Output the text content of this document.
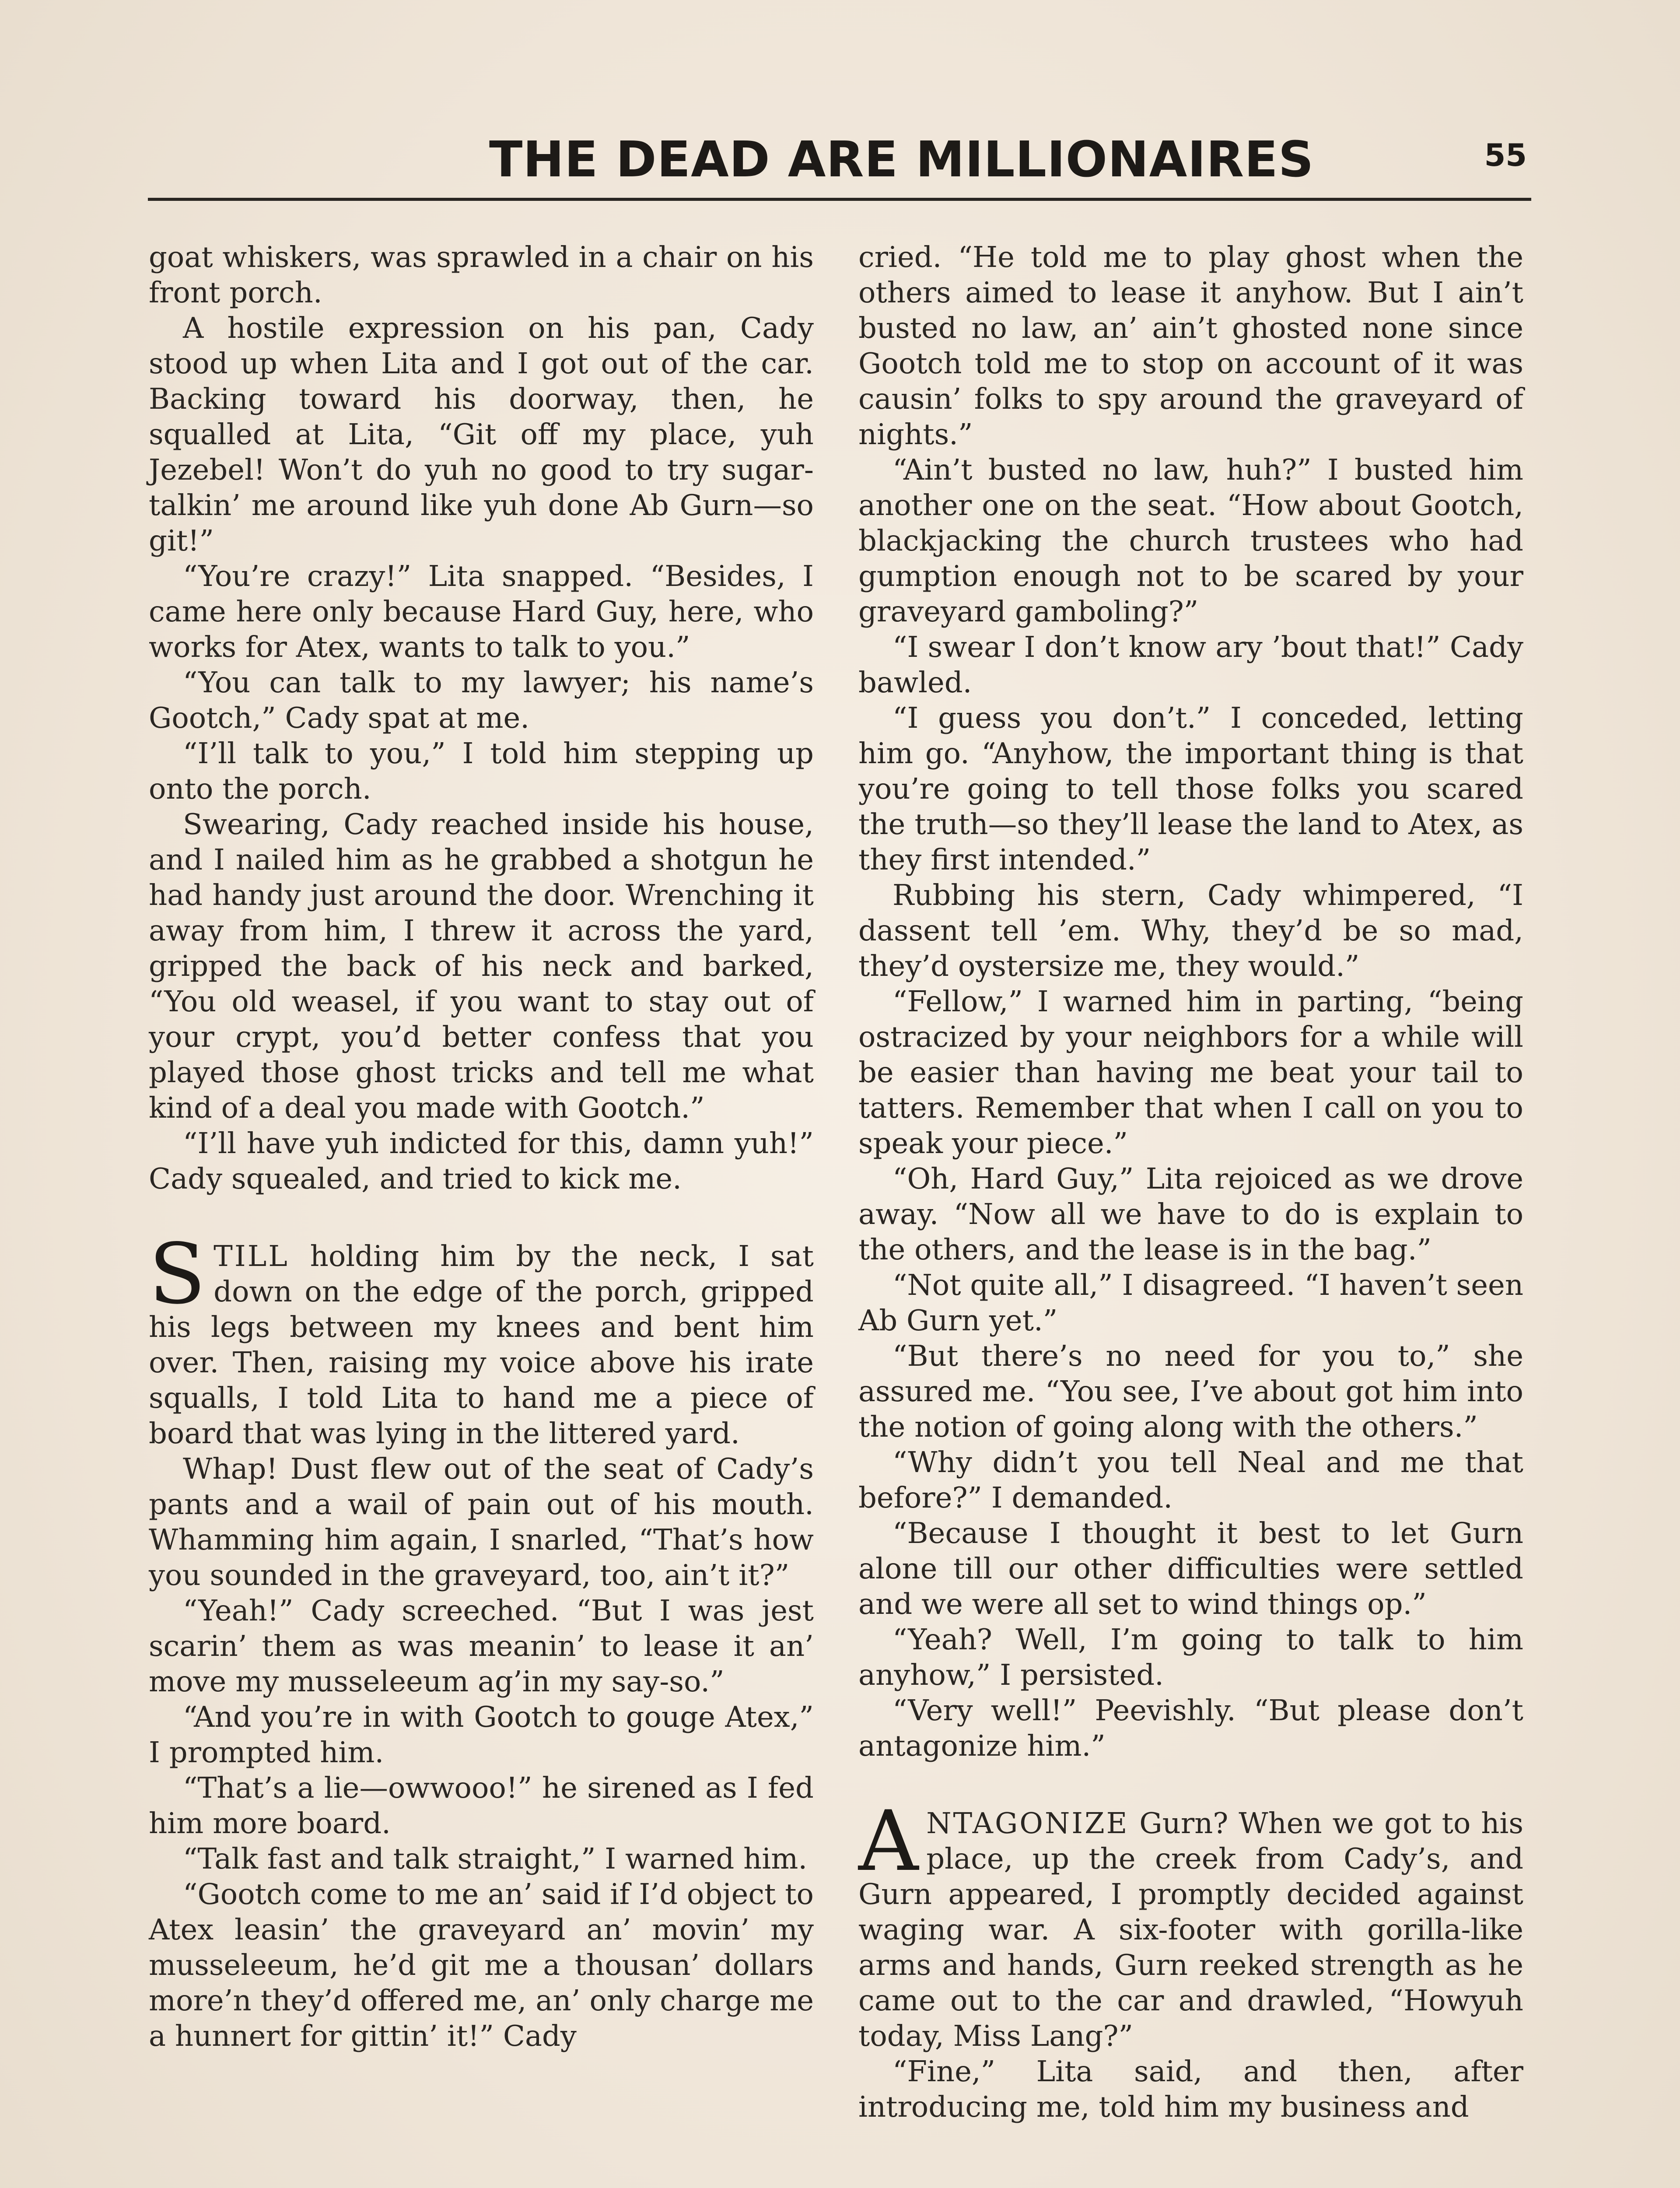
THE DEAD ARE MILLIONAIRES	55

goat whiskers, was sprawled in a chair on his front porch.

A hostile expression on his pan, Cady stood up when Lita and I got out of the car. Backing toward his doorway, then, he squalled at Lita, “Git off my place, yuh Jezebel! Won’t do yuh no good to try sugar-talkin’ me around like yuh done Ab Gurn—so git!”

“You’re crazy!” Lita snapped. “Besides, I came here only because Hard Guy, here, who works for Atex, wants to talk to you.”

“You can talk to my lawyer; his name’s Gootch,” Cady spat at me.

“I’ll talk to you,” I told him stepping up onto the porch.

Swearing, Cady reached inside his house, and I nailed him as he grabbed a shotgun he had handy just around the door. Wrenching it away from him, I threw it across the yard, gripped the back of his neck and barked, “You old weasel, if you want to stay out of your crypt, you’d better confess that you played those ghost tricks and tell me what kind of a deal you made with Gootch.”

“I’ll have yuh indicted for this, damn yuh!” Cady squealed, and tried to kick me.

STILL holding him by the neck, I sat down on the edge of the porch, gripped his legs between my knees and bent him over. Then, raising my voice above his irate squalls, I told Lita to hand me a piece of board that was lying in the littered yard.

Whap! Dust flew out of the seat of Cady’s pants and a wail of pain out of his mouth. Whamming him again, I snarled, “That’s how you sounded in the graveyard, too, ain’t it?”

“Yeah!” Cady screeched. “But I was jest scarin’ them as was meanin’ to lease it an’ move my musseleeum ag’in my say-so.”

“And you’re in with Gootch to gouge Atex,” I prompted him.

“That’s a lie—owwooo!” he sirened as I fed him more board.

“Talk fast and talk straight,” I warned him.

“Gootch come to me an’ said if I’d object to Atex leasin’ the graveyard an’ movin’ my musseleeum, he’d git me a thousan’ dollars more’n they’d offered me, an’ only charge me a hunnert for gittin’ it!” Cady

cried. “He told me to play ghost when the others aimed to lease it anyhow. But I ain’t busted no law, an’ ain’t ghosted none since Gootch told me to stop on account of it was causin’ folks to spy around the graveyard of nights.”

“Ain’t busted no law, huh?” I busted him another one on the seat. “How about Gootch, blackjacking the church trustees who had gumption enough not to be scared by your graveyard gamboling?”

“I swear I don’t know ary ’bout that!” Cady bawled.

“I guess you don’t.” I conceded, letting him go. “Anyhow, the important thing is that you’re going to tell those folks you scared the truth—so they’ll lease the land to Atex, as they first intended.”

Rubbing his stern, Cady whimpered, “I dassent tell ’em. Why, they’d be so mad, they’d oystersize me, they would.”

“Fellow,” I warned him in parting, “being ostracized by your neighbors for a while will be easier than having me beat your tail to tatters. Remember that when I call on you to speak your piece.”

“Oh, Hard Guy,” Lita rejoiced as we drove away. “Now all we have to do is explain to the others, and the lease is in the bag.”

“Not quite all,” I disagreed. “I haven’t seen Ab Gurn yet.”

“But there’s no need for you to,” she assured me. “You see, I’ve about got him into the notion of going along with the others.”

“Why didn’t you tell Neal and me that before?” I demanded.

“Because I thought it best to let Gurn alone till our other difficulties were settled and we were all set to wind things op.”

“Yeah? Well, I’m going to talk to him anyhow,” I persisted.

“Very well!” Peevishly. “But please don’t antagonize him.”

ANTAGONIZE Gurn? When we got to his place, up the creek from Cady’s, and Gurn appeared, I promptly decided against waging war. A six-footer with gorilla-like arms and hands, Gurn reeked strength as he came out to the car and drawled, “Howyuh today, Miss Lang?”

“Fine,” Lita said, and then, after introducing me, told him my business and
